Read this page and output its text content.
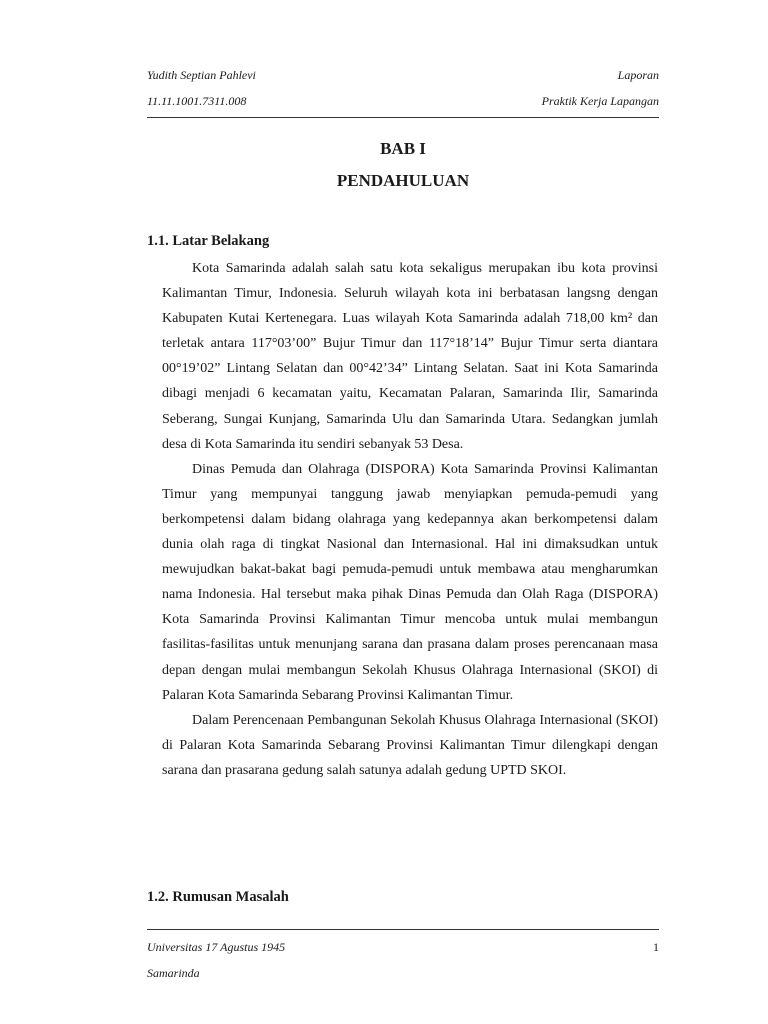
Yudith Septian Pahlevi	Laporan
11.11.1001.7311.008	Praktik Kerja Lapangan
BAB I
PENDAHULUAN
1.1. Latar Belakang

Kota Samarinda adalah salah satu kota sekaligus merupakan ibu kota provinsi Kalimantan Timur, Indonesia. Seluruh wilayah kota ini berbatasan langsng dengan Kabupaten Kutai Kertenegara. Luas wilayah Kota Samarinda adalah 718,00 km² dan terletak antara 117°03’00” Bujur Timur dan 117°18’14” Bujur Timur serta diantara 00°19’02” Lintang Selatan dan 00°42’34” Lintang Selatan. Saat ini Kota Samarinda dibagi menjadi 6 kecamatan yaitu, Kecamatan Palaran, Samarinda Ilir, Samarinda Seberang, Sungai Kunjang, Samarinda Ulu dan Samarinda Utara. Sedangkan jumlah desa di Kota Samarinda itu sendiri sebanyak 53 Desa.

Dinas Pemuda dan Olahraga (DISPORA) Kota Samarinda Provinsi Kalimantan Timur yang mempunyai tanggung jawab menyiapkan pemuda-pemudi yang berkompetensi dalam bidang olahraga yang kedepannya akan berkompetensi dalam dunia olah raga di tingkat Nasional dan Internasional. Hal ini dimaksudkan untuk mewujudkan bakat-bakat bagi pemuda-pemudi untuk membawa atau mengharumkan nama Indonesia. Hal tersebut maka pihak Dinas Pemuda dan Olah Raga (DISPORA) Kota Samarinda Provinsi Kalimantan Timur mencoba untuk mulai membangun fasilitas-fasilitas untuk menunjang sarana dan prasana dalam proses perencanaan masa depan dengan mulai membangun Sekolah Khusus Olahraga Internasional (SKOI) di Palaran Kota Samarinda Sebarang Provinsi Kalimantan Timur.

Dalam Perencenaan Pembangunan Sekolah Khusus Olahraga Internasional (SKOI) di Palaran Kota Samarinda Sebarang Provinsi Kalimantan Timur dilengkapi dengan sarana dan prasarana gedung salah satunya adalah gedung UPTD SKOI.

1.2. Rumusan Masalah
Universitas 17 Agustus 1945	1
Samarinda
